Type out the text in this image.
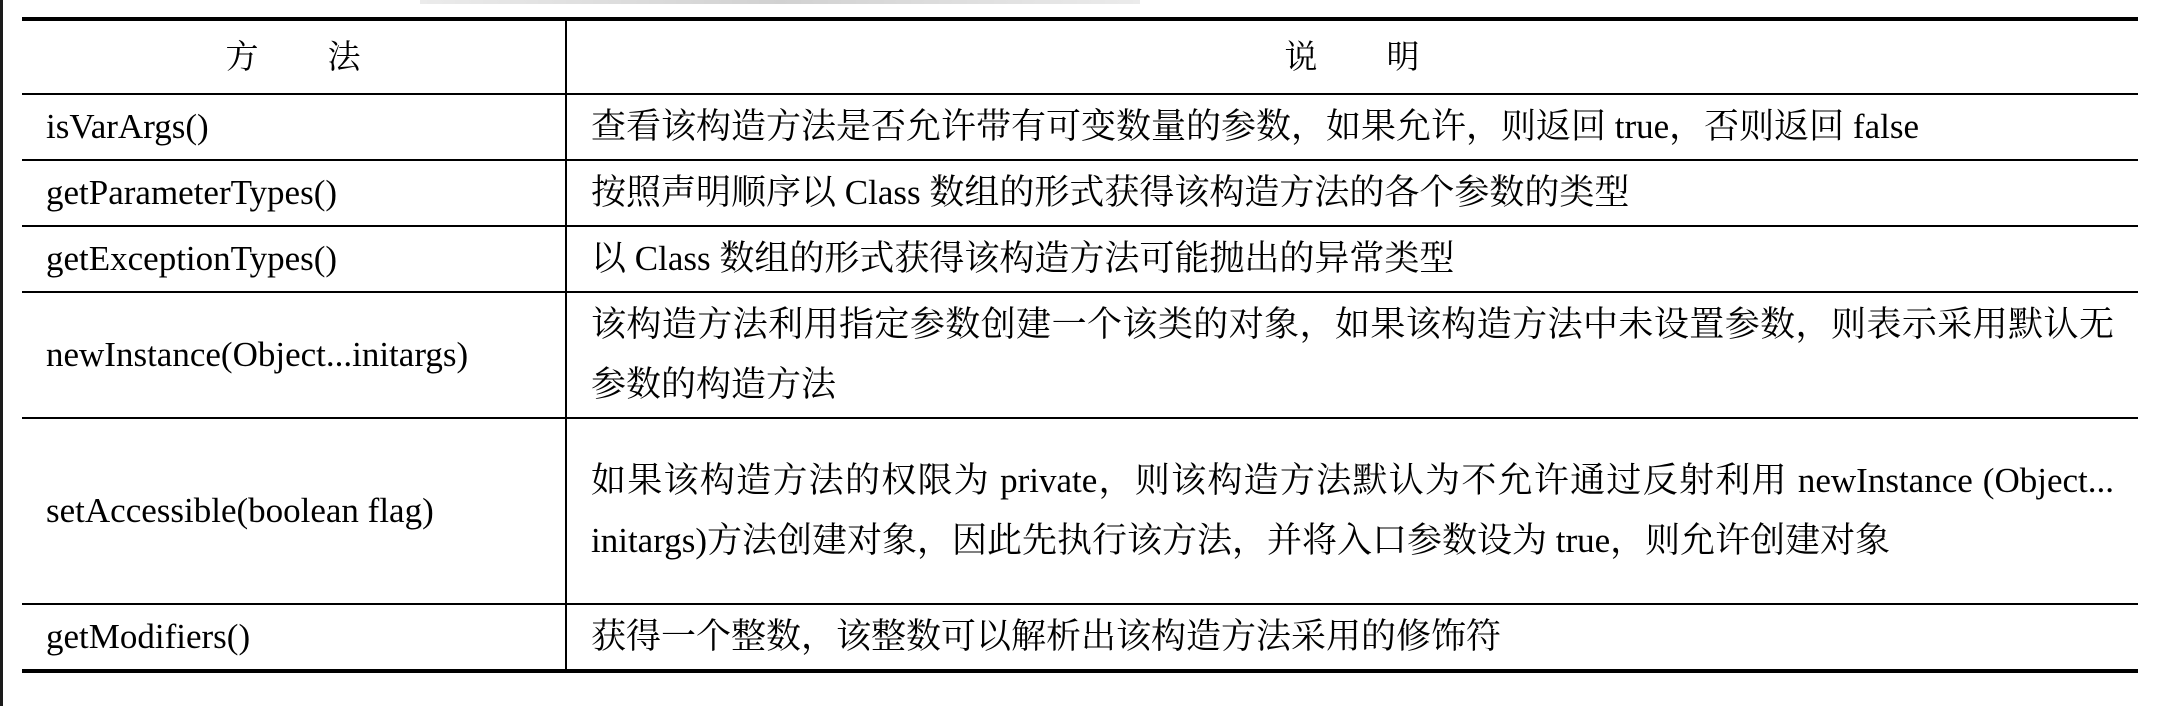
方　　法	说　　明
isVarArgs()	查看该构造方法是否允许带有可变数量的参数，如果允许，则返回 true，否则返回 false
getParameterTypes()	按照声明顺序以 Class 数组的形式获得该构造方法的各个参数的类型
getExceptionTypes()	以 Class 数组的形式获得该构造方法可能抛出的异常类型
newInstance(Object...initargs)	该构造方法利用指定参数创建一个该类的对象，如果该构造方法中未设置参数，则表示采用默认无参数的构造方法
setAccessible(boolean flag)	如果该构造方法的权限为 private，则该构造方法默认为不允许通过反射利用 newInstance (Object... initargs)方法创建对象，因此先执行该方法，并将入口参数设为 true，则允许创建对象
getModifiers()	获得一个整数，该整数可以解析出该构造方法采用的修饰符
